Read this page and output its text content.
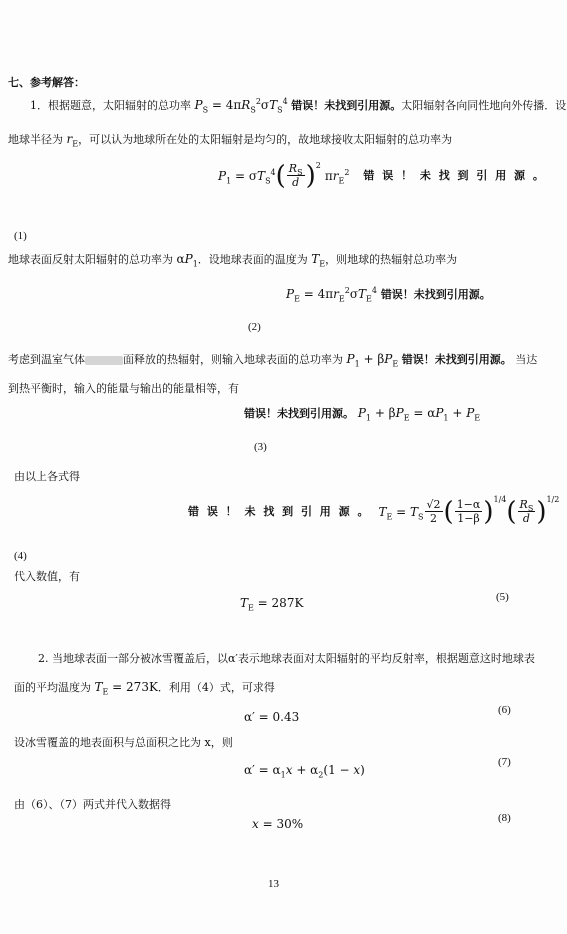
七、参考解答：
1．根据题意，太阳辐射的总功率 $P_S = 4\pi R_S^2\sigma T_S^4$ 错误！未找到引用源。太阳辐射各向同性地向外传播．设
地球半径为 $r_E$，可以认为地球所在处的太阳辐射是均匀的，故地球接收太阳辐射的总功率为
$P_1 = \sigma T_S^4$ ( $\frac{R_S}{d} )^2$
$\pi r_E^2$ 错 误 ！ 未 找 到 引 用 源 。
(1)
地球表面反射太阳辐射的总功率为 $\alpha P_1$．设地球表面的温度为 $T_E$，则地球的热辐射总功率为
$P_E = 4\pi r_E^2\sigma T_E^4$ 错误！未找到引用源。
(2)
考虑到温室气体	面释放的热辐射，则输入地球表面的总功率为 $P_1 + \beta P_E$ 错误！未找到引用源。 当达
到热平衡时，输入的能量与输出的能量相等，有
错误！未找到引用源。 $P_1 + \beta P_E = \alpha P_1 + P_E$
(3)
由以上各式得
错 误 ！ 未 找 到 引 用 源 。 $T_E = T_S \frac{√2}{2}$ ( $\frac{1-\alpha}{1-\beta} )^{1/4}$ ( $\frac{R_S}{d} )^{1/2}$
(4)
代入数值，有
$T_E = 287K$	(5)
2. 当地球表面一部分被冰雪覆盖后，以α′表示地球表面对太阳辐射的平均反射率，根据题意这时地球表
面的平均温度为 $T_E = 273K$．利用（4）式，可求得
α′ = 0.43	(6)
设冰雪覆盖的地表面积与总面积之比为 x，则
$\alpha' = \alpha_1x + \alpha_2(1 - x)$
(7)
由（6）、（7）两式并代入数据得
x = 30%	(8)
13
